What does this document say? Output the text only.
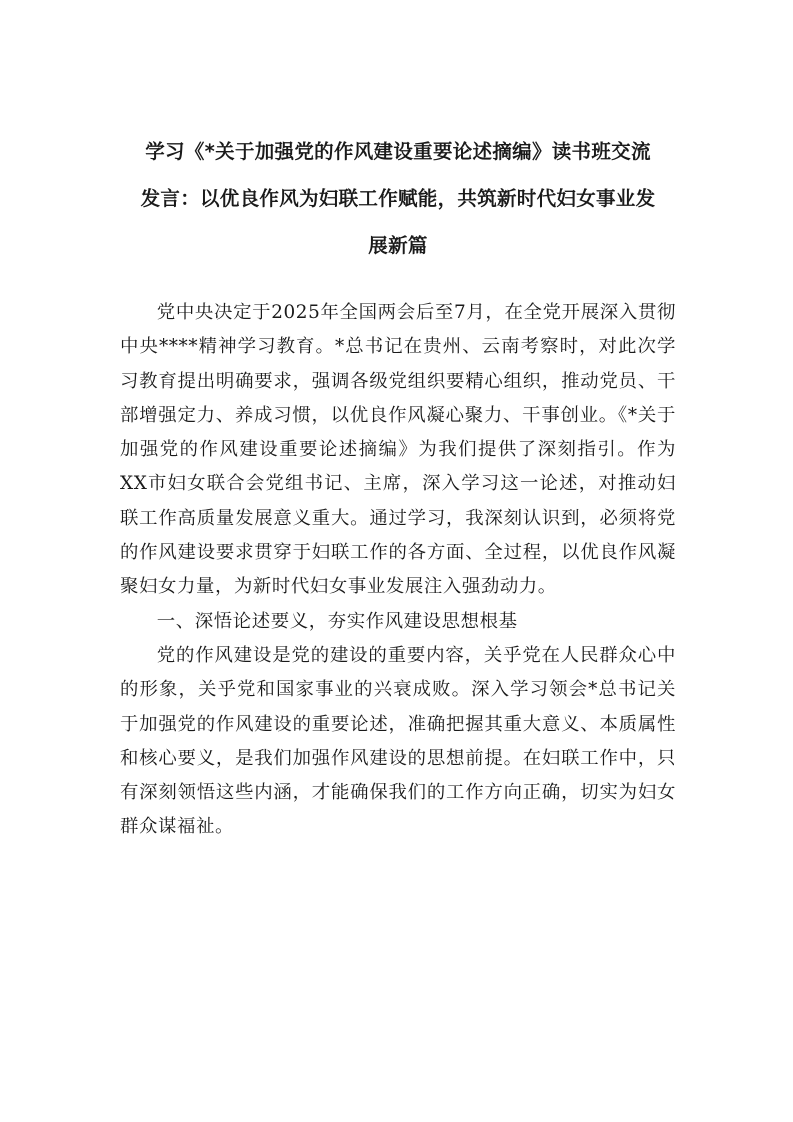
学习《*关于加强党的作风建设重要论述摘编》读书班交流
发言：以优良作风为妇联工作赋能，共筑新时代妇女事业发
展新篇

党中央决定于2025年全国两会后至7月，在全党开展深入贯彻中央****精神学习教育。*总书记在贵州、云南考察时，对此次学习教育提出明确要求，强调各级党组织要精心组织，推动党员、干部增强定力、养成习惯，以优良作风凝心聚力、干事创业。《*关于加强党的作风建设重要论述摘编》为我们提供了深刻指引。作为XX市妇女联合会党组书记、主席，深入学习这一论述，对推动妇联工作高质量发展意义重大。通过学习，我深刻认识到，必须将党的作风建设要求贯穿于妇联工作的各方面、全过程，以优良作风凝聚妇女力量，为新时代妇女事业发展注入强劲动力。

一、深悟论述要义，夯实作风建设思想根基

党的作风建设是党的建设的重要内容，关乎党在人民群众心中的形象，关乎党和国家事业的兴衰成败。深入学习领会*总书记关于加强党的作风建设的重要论述，准确把握其重大意义、本质属性和核心要义，是我们加强作风建设的思想前提。在妇联工作中，只有深刻领悟这些内涵，才能确保我们的工作方向正确，切实为妇女群众谋福祉。
